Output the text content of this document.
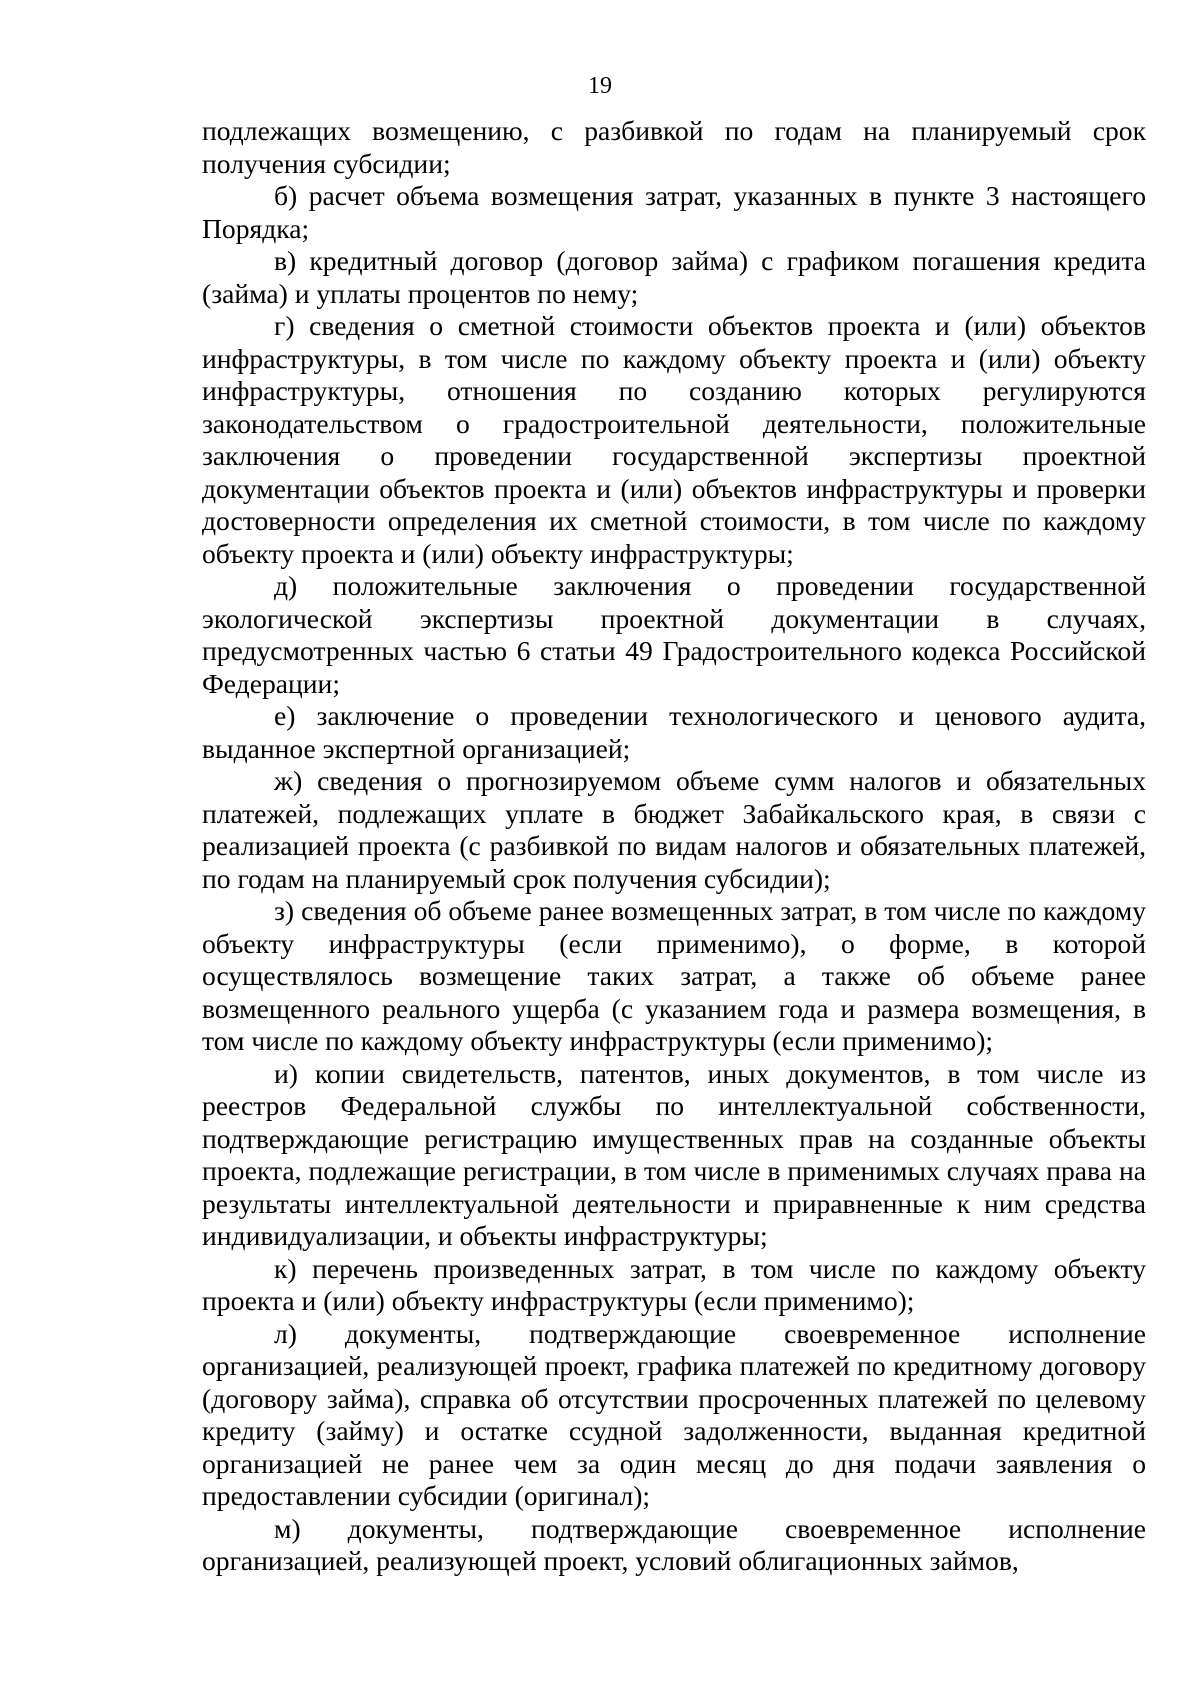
19

подлежащих возмещению, с разбивкой по годам на планируемый срок получения субсидии;

б) расчет объема возмещения затрат, указанных в пункте 3 настоящего Порядка;

в) кредитный договор (договор займа) с графиком погашения кредита (займа) и уплаты процентов по нему;

г) сведения о сметной стоимости объектов проекта и (или) объектов инфраструктуры, в том числе по каждому объекту проекта и (или) объекту инфраструктуры, отношения по созданию которых регулируются законодательством о градостроительной деятельности, положительные заключения о проведении государственной экспертизы проектной документации объектов проекта и (или) объектов инфраструктуры и проверки достоверности определения их сметной стоимости, в том числе по каждому объекту проекта и (или) объекту инфраструктуры;

д) положительные заключения о проведении государственной экологической экспертизы проектной документации в случаях, предусмотренных частью 6 статьи 49 Градостроительного кодекса Российской Федерации;

е) заключение о проведении технологического и ценового аудита, выданное экспертной организацией;

ж) сведения о прогнозируемом объеме сумм налогов и обязательных платежей, подлежащих уплате в бюджет Забайкальского края, в связи с реализацией проекта (с разбивкой по видам налогов и обязательных платежей, по годам на планируемый срок получения субсидии);

з) сведения об объеме ранее возмещенных затрат, в том числе по каждому объекту инфраструктуры (если применимо), о форме, в которой осуществлялось возмещение таких затрат, а также об объеме ранее возмещенного реального ущерба (с указанием года и размера возмещения, в том числе по каждому объекту инфраструктуры (если применимо);

и) копии свидетельств, патентов, иных документов, в том числе из реестров Федеральной службы по интеллектуальной собственности, подтверждающие регистрацию имущественных прав на созданные объекты проекта, подлежащие регистрации, в том числе в применимых случаях права на результаты интеллектуальной деятельности и приравненные к ним средства индивидуализации, и объекты инфраструктуры;

к) перечень произведенных затрат, в том числе по каждому объекту проекта и (или) объекту инфраструктуры (если применимо);

л) документы, подтверждающие своевременное исполнение организацией, реализующей проект, графика платежей по кредитному договору (договору займа), справка об отсутствии просроченных платежей по целевому кредиту (займу) и остатке ссудной задолженности, выданная кредитной организацией не ранее чем за один месяц до дня подачи заявления о предоставлении субсидии (оригинал);

м) документы, подтверждающие своевременное исполнение организацией, реализующей проект, условий облигационных займов,
